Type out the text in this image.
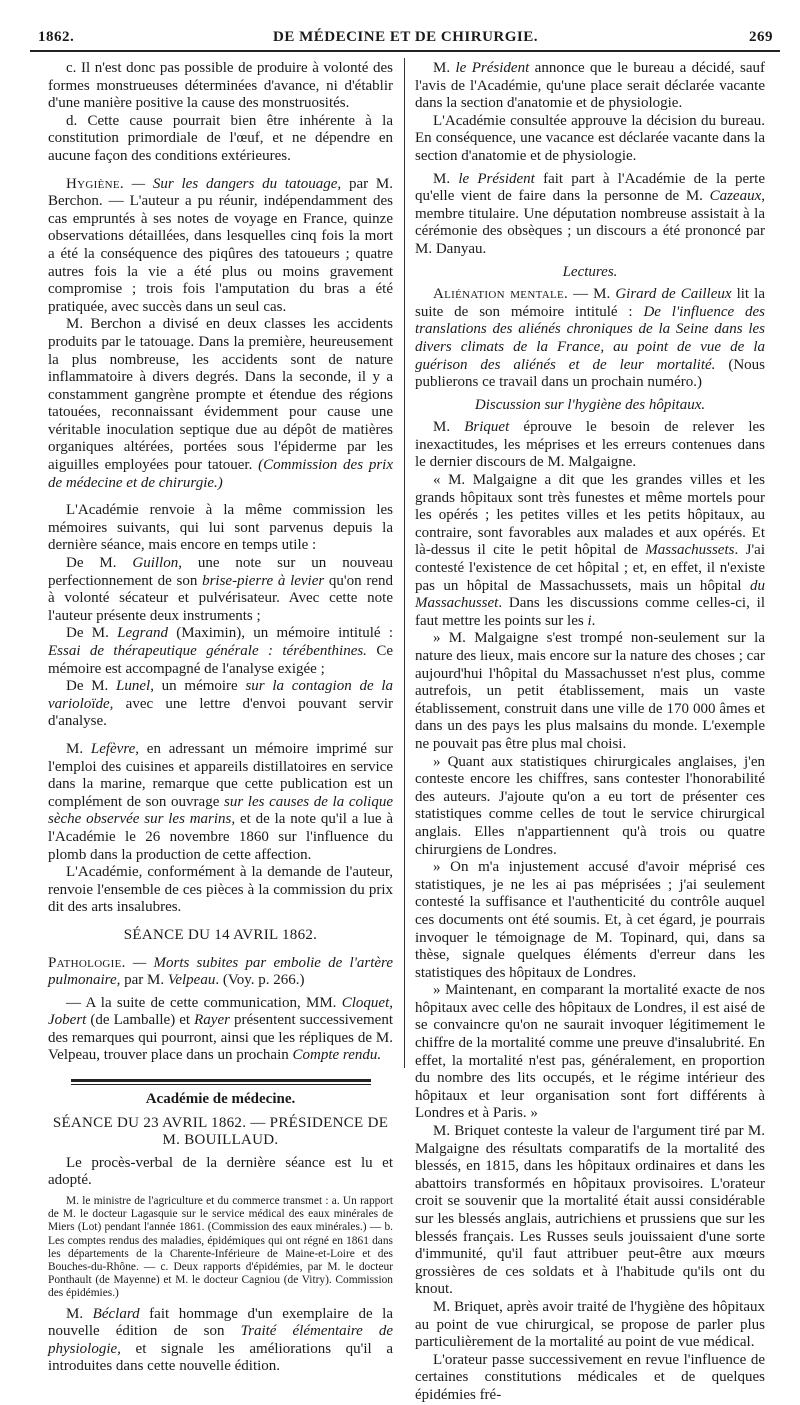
1862.	DE MÉDECINE ET DE CHIRURGIE.	269

c. Il n'est donc pas possible de produire à volonté des formes monstrueuses déterminées d'avance, ni d'établir d'une manière positive la cause des monstruosités.

d. Cette cause pourrait bien être inhérente à la constitution primordiale de l'œuf, et ne dépendre en aucune façon des conditions extérieures.

Hygiène. — Sur les dangers du tatouage, par M. Berchon. — L'auteur a pu réunir, indépendamment des cas empruntés à ses notes de voyage en France, quinze observations détaillées, dans lesquelles cinq fois la mort a été la conséquence des piqûres des tatoueurs ; quatre autres fois la vie a été plus ou moins gravement compromise ; trois fois l'amputation du bras a été pratiquée, avec succès dans un seul cas.

M. Berchon a divisé en deux classes les accidents produits par le tatouage. Dans la première, heureusement la plus nombreuse, les accidents sont de nature inflammatoire à divers degrés. Dans la seconde, il y a constamment gangrène prompte et étendue des régions tatouées, reconnaissant évidemment pour cause une véritable inoculation septique due au dépôt de matières organiques altérées, portées sous l'épiderme par les aiguilles employées pour tatouer. (Commission des prix de médecine et de chirurgie.)

L'Académie renvoie à la même commission les mémoires suivants, qui lui sont parvenus depuis la dernière séance, mais encore en temps utile :

De M. Guillon, une note sur un nouveau perfectionnement de son brise-pierre à levier qu'on rend à volonté sécateur et pulvérisateur. Avec cette note l'auteur présente deux instruments ;

De M. Legrand (Maximin), un mémoire intitulé : Essai de thérapeutique générale : térébenthines. Ce mémoire est accompagné de l'analyse exigée ;

De M. Lunel, un mémoire sur la contagion de la varioloïde, avec une lettre d'envoi pouvant servir d'analyse.

M. Lefèvre, en adressant un mémoire imprimé sur l'emploi des cuisines et appareils distillatoires en service dans la marine, remarque que cette publication est un complément de son ouvrage sur les causes de la colique sèche observée sur les marins, et de la note qu'il a lue à l'Académie le 26 novembre 1860 sur l'influence du plomb dans la production de cette affection.

L'Académie, conformément à la demande de l'auteur, renvoie l'ensemble de ces pièces à la commission du prix dit des arts insalubres.

SÉANCE DU 14 AVRIL 1862.

Pathologie. — Morts subites par embolie de l'artère pulmonaire, par M. Velpeau. (Voy. p. 266.)

— A la suite de cette communication, MM. Cloquet, Jobert (de Lamballe) et Rayer présentent successivement des remarques qui pourront, ainsi que les répliques de M. Velpeau, trouver place dans un prochain Compte rendu.

Académie de médecine.

SÉANCE DU 23 AVRIL 1862. — PRÉSIDENCE DE M. BOUILLAUD.

Le procès-verbal de la dernière séance est lu et adopté.

M. le ministre de l'agriculture et du commerce transmet : a. Un rapport de M. le docteur Lagasquie sur le service médical des eaux minérales de Miers (Lot) pendant l'année 1861. (Commission des eaux minérales.) — b. Les comptes rendus des maladies, épidémiques qui ont régné en 1861 dans les départements de la Charente-Inférieure de Maine-et-Loire et des Bouches-du-Rhône. — c. Deux rapports d'épidémies, par M. le docteur Ponthault (de Mayenne) et M. le docteur Cagniou (de Vitry). Commission des épidémies.)

M. Béclard fait hommage d'un exemplaire de la nouvelle édition de son Traité élémentaire de physiologie, et signale les améliorations qu'il a introduites dans cette nouvelle édition.

M. le Président annonce que le bureau a décidé, sauf l'avis de l'Académie, qu'une place serait déclarée vacante dans la section d'anatomie et de physiologie.

L'Académie consultée approuve la décision du bureau. En conséquence, une vacance est déclarée vacante dans la section d'anatomie et de physiologie.

M. le Président fait part à l'Académie de la perte qu'elle vient de faire dans la personne de M. Cazeaux, membre titulaire. Une députation nombreuse assistait à la cérémonie des obsèques ; un discours a été prononcé par M. Danyau.

Lectures.

Aliénation mentale. — M. Girard de Cailleux lit la suite de son mémoire intitulé : De l'influence des translations des aliénés chroniques de la Seine dans les divers climats de la France, au point de vue de la guérison des aliénés et de leur mortalité. (Nous publierons ce travail dans un prochain numéro.)

Discussion sur l'hygiène des hôpitaux.

M. Briquet éprouve le besoin de relever les inexactitudes, les méprises et les erreurs contenues dans le dernier discours de M. Malgaigne.

« M. Malgaigne a dit que les grandes villes et les grands hôpitaux sont très funestes et même mortels pour les opérés ; les petites villes et les petits hôpitaux, au contraire, sont favorables aux malades et aux opérés. Et là-dessus il cite le petit hôpital de Massachussets. J'ai contesté l'existence de cet hôpital ; et, en effet, il n'existe pas un hôpital de Massachussets, mais un hôpital du Massachusset. Dans les discussions comme celles-ci, il faut mettre les points sur les i.

» M. Malgaigne s'est trompé non-seulement sur la nature des lieux, mais encore sur la nature des choses ; car aujourd'hui l'hôpital du Massachusset n'est plus, comme autrefois, un petit établissement, mais un vaste établissement, construit dans une ville de 170 000 âmes et dans un des pays les plus malsains du monde. L'exemple ne pouvait pas être plus mal choisi.

» Quant aux statistiques chirurgicales anglaises, j'en conteste encore les chiffres, sans contester l'honorabilité des auteurs. J'ajoute qu'on a eu tort de présenter ces statistiques comme celles de tout le service chirurgical anglais. Elles n'appartiennent qu'à trois ou quatre chirurgiens de Londres.

» On m'a injustement accusé d'avoir méprisé ces statistiques, je ne les ai pas méprisées ; j'ai seulement contesté la suffisance et l'authenticité du contrôle auquel ces documents ont été soumis. Et, à cet égard, je pourrais invoquer le témoignage de M. Topinard, qui, dans sa thèse, signale quelques éléments d'erreur dans les statistiques des hôpitaux de Londres.

» Maintenant, en comparant la mortalité exacte de nos hôpitaux avec celle des hôpitaux de Londres, il est aisé de se convaincre qu'on ne saurait invoquer légitimement le chiffre de la mortalité comme une preuve d'insalubrité. En effet, la mortalité n'est pas, généralement, en proportion du nombre des lits occupés, et le régime intérieur des hôpitaux et leur organisation sont fort différents à Londres et à Paris. »

M. Briquet conteste la valeur de l'argument tiré par M. Malgaigne des résultats comparatifs de la mortalité des blessés, en 1815, dans les hôpitaux ordinaires et dans les abattoirs transformés en hôpitaux provisoires. L'orateur croit se souvenir que la mortalité était aussi considérable sur les blessés anglais, autrichiens et prussiens que sur les blessés français. Les Russes seuls jouissaient d'une sorte d'immunité, qu'il faut attribuer peut-être aux mœurs grossières de ces soldats et à l'habitude qu'ils ont du knout.

M. Briquet, après avoir traité de l'hygiène des hôpitaux au point de vue chirurgical, se propose de parler plus particulièrement de la mortalité au point de vue médical.

L'orateur passe successivement en revue l'influence de certaines constitutions médicales et de quelques épidémies fré-
